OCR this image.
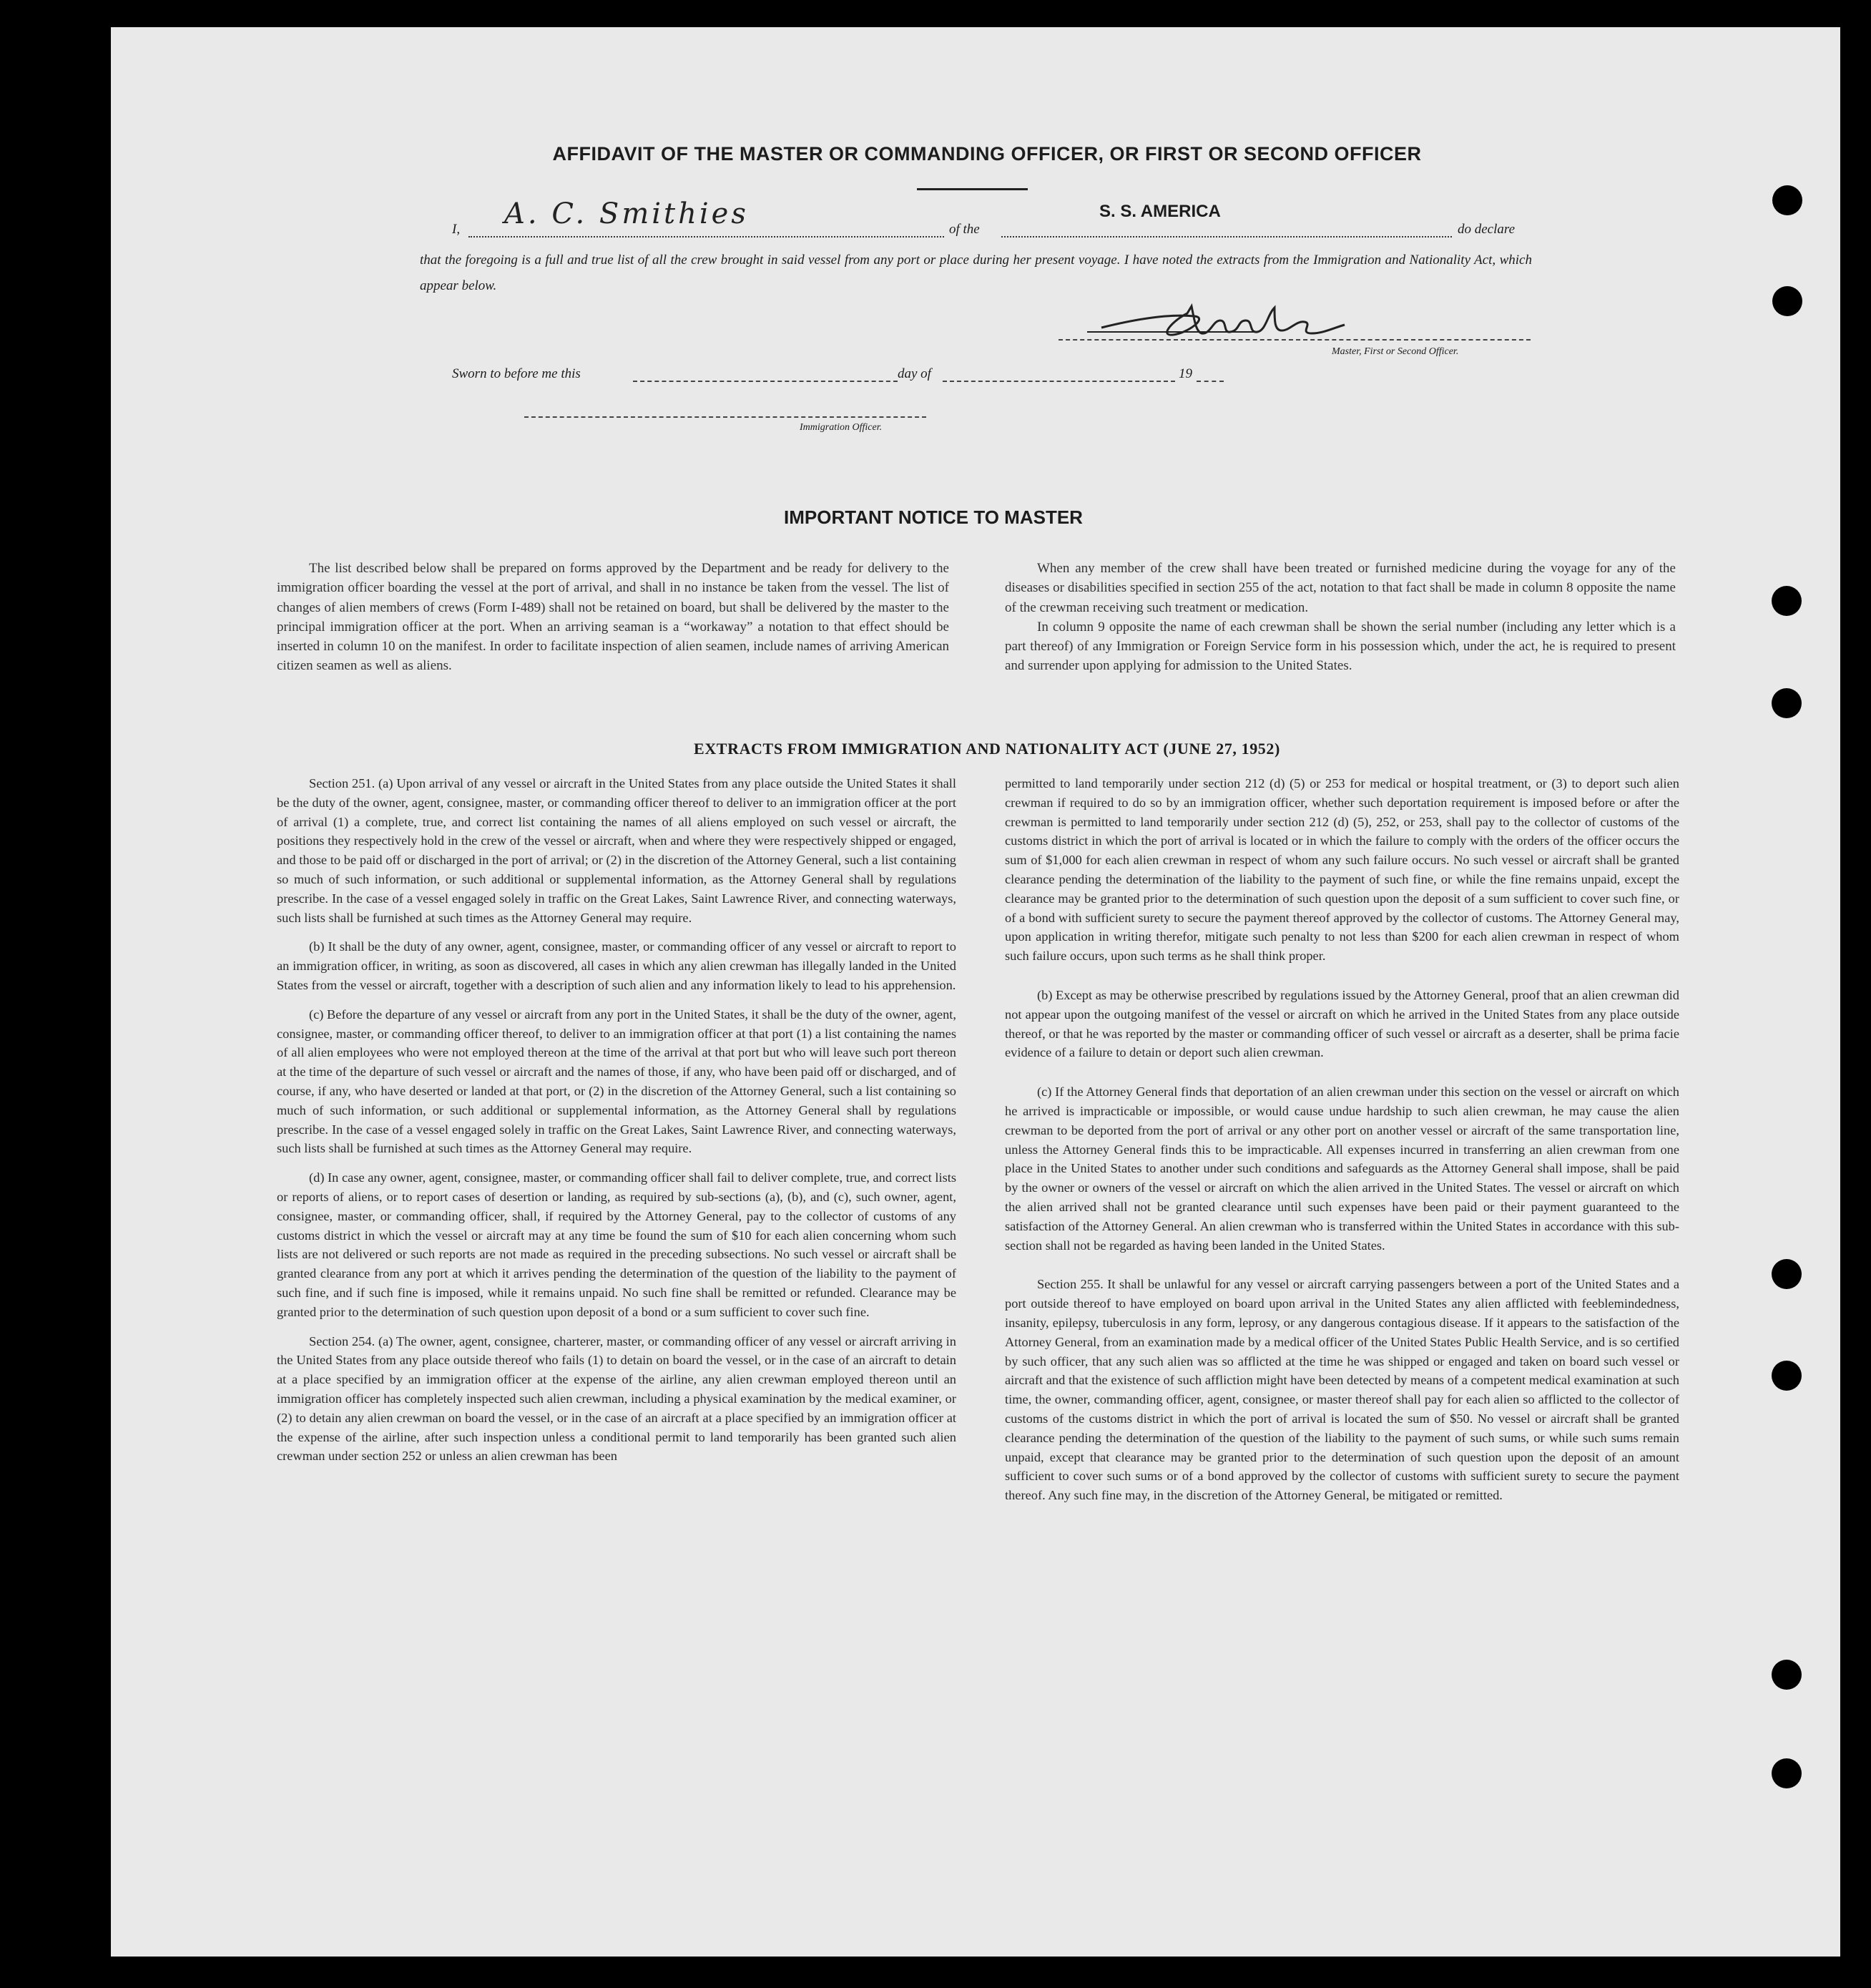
AFFIDAVIT OF THE MASTER OR COMMANDING OFFICER, OR FIRST OR SECOND OFFICER
I, A. C. Smithies	of the
S. S. AMERICA
do declare
that the foregoing is a full and true list of all the crew brought in said vessel from any port or place during her present voyage. I have noted the extracts from the Immigration and Nationality Act, which appear below.
Master, First or Second Officer.
Sworn to before me this	day of	19
Immigration Officer.
IMPORTANT NOTICE TO MASTER

The list described below shall be prepared on forms approved by the Department and be ready for delivery to the immigration officer boarding the vessel at the port of arrival, and shall in no instance be taken from the vessel. The list of changes of alien members of crews (Form I-489) shall not be retained on board, but shall be delivered by the master to the principal immigration officer at the port. When an arriving seaman is a “workaway” a notation to that effect should be inserted in column 10 on the manifest. In order to facilitate inspection of alien seamen, include names of arriving American citizen seamen as well as aliens.

When any member of the crew shall have been treated or furnished medicine during the voyage for any of the diseases or disabilities specified in section 255 of the act, notation to that fact shall be made in column 8 opposite the name of the crewman receiving such treatment or medication.

In column 9 opposite the name of each crewman shall be shown the serial number (including any letter which is a part thereof) of any Immigration or Foreign Service form in his possession which, under the act, he is required to present and surrender upon applying for admission to the United States.

EXTRACTS FROM IMMIGRATION AND NATIONALITY ACT (JUNE 27, 1952)

Section 251. (a) Upon arrival of any vessel or aircraft in the United States from any place outside the United States it shall be the duty of the owner, agent, consignee, master, or commanding officer thereof to deliver to an immigration officer at the port of arrival (1) a complete, true, and correct list containing the names of all aliens employed on such vessel or aircraft, the positions they respectively hold in the crew of the vessel or aircraft, when and where they were respectively shipped or engaged, and those to be paid off or discharged in the port of arrival; or (2) in the discretion of the Attorney General, such a list containing so much of such information, or such additional or supplemental information, as the Attorney General shall by regulations prescribe. In the case of a vessel engaged solely in traffic on the Great Lakes, Saint Lawrence River, and connecting waterways, such lists shall be furnished at such times as the Attorney General may require.

(b) It shall be the duty of any owner, agent, consignee, master, or commanding officer of any vessel or aircraft to report to an immigration officer, in writing, as soon as discovered, all cases in which any alien crewman has illegally landed in the United States from the vessel or aircraft, together with a description of such alien and any information likely to lead to his apprehension.

(c) Before the departure of any vessel or aircraft from any port in the United States, it shall be the duty of the owner, agent, consignee, master, or commanding officer thereof, to deliver to an immigration officer at that port (1) a list containing the names of all alien employees who were not employed thereon at the time of the arrival at that port but who will leave such port thereon at the time of the departure of such vessel or aircraft and the names of those, if any, who have been paid off or discharged, and of course, if any, who have deserted or landed at that port, or (2) in the discretion of the Attorney General, such a list containing so much of such information, or such additional or supplemental information, as the Attorney General shall by regulations prescribe. In the case of a vessel engaged solely in traffic on the Great Lakes, Saint Lawrence River, and connecting waterways, such lists shall be furnished at such times as the Attorney General may require.

(d) In case any owner, agent, consignee, master, or commanding officer shall fail to deliver complete, true, and correct lists or reports of aliens, or to report cases of desertion or landing, as required by sub-sections (a), (b), and (c), such owner, agent, consignee, master, or commanding officer, shall, if required by the Attorney General, pay to the collector of customs of any customs district in which the vessel or aircraft may at any time be found the sum of $10 for each alien concerning whom such lists are not delivered or such reports are not made as required in the preceding subsections. No such vessel or aircraft shall be granted clearance from any port at which it arrives pending the determination of the question of the liability to the payment of such fine, and if such fine is imposed, while it remains unpaid. No such fine shall be remitted or refunded. Clearance may be granted prior to the determination of such question upon deposit of a bond or a sum sufficient to cover such fine.

Section 254. (a) The owner, agent, consignee, charterer, master, or commanding officer of any vessel or aircraft arriving in the United States from any place outside thereof who fails (1) to detain on board the vessel, or in the case of an aircraft to detain at a place specified by an immigration officer at the expense of the airline, any alien crewman employed thereon until an immigration officer has completely inspected such alien crewman, including a physical examination by the medical examiner, or (2) to detain any alien crewman on board the vessel, or in the case of an aircraft at a place specified by an immigration officer at the expense of the airline, after such inspection unless a conditional permit to land temporarily has been granted such alien crewman under section 252 or unless an alien crewman has been

permitted to land temporarily under section 212 (d) (5) or 253 for medical or hospital treatment, or (3) to deport such alien crewman if required to do so by an immigration officer, whether such deportation requirement is imposed before or after the crewman is permitted to land temporarily under section 212 (d) (5), 252, or 253, shall pay to the collector of customs of the customs district in which the port of arrival is located or in which the failure to comply with the orders of the officer occurs the sum of $1,000 for each alien crewman in respect of whom any such failure occurs. No such vessel or aircraft shall be granted clearance pending the determination of the liability to the payment of such fine, or while the fine remains unpaid, except the clearance may be granted prior to the determination of such question upon the deposit of a sum sufficient to cover such fine, or of a bond with sufficient surety to secure the payment thereof approved by the collector of customs. The Attorney General may, upon application in writing therefor, mitigate such penalty to not less than $200 for each alien crewman in respect of whom such failure occurs, upon such terms as he shall think proper.

(b) Except as may be otherwise prescribed by regulations issued by the Attorney General, proof that an alien crewman did not appear upon the outgoing manifest of the vessel or aircraft on which he arrived in the United States from any place outside thereof, or that he was reported by the master or commanding officer of such vessel or aircraft as a deserter, shall be prima facie evidence of a failure to detain or deport such alien crewman.

(c) If the Attorney General finds that deportation of an alien crewman under this section on the vessel or aircraft on which he arrived is impracticable or impossible, or would cause undue hardship to such alien crewman, he may cause the alien crewman to be deported from the port of arrival or any other port on another vessel or aircraft of the same transportation line, unless the Attorney General finds this to be impracticable. All expenses incurred in transferring an alien crewman from one place in the United States to another under such conditions and safeguards as the Attorney General shall impose, shall be paid by the owner or owners of the vessel or aircraft on which the alien arrived in the United States. The vessel or aircraft on which the alien arrived shall not be granted clearance until such expenses have been paid or their payment guaranteed to the satisfaction of the Attorney General. An alien crewman who is transferred within the United States in accordance with this sub-section shall not be regarded as having been landed in the United States.

Section 255. It shall be unlawful for any vessel or aircraft carrying passengers between a port of the United States and a port outside thereof to have employed on board upon arrival in the United States any alien afflicted with feeblemindedness, insanity, epilepsy, tuberculosis in any form, leprosy, or any dangerous contagious disease. If it appears to the satisfaction of the Attorney General, from an examination made by a medical officer of the United States Public Health Service, and is so certified by such officer, that any such alien was so afflicted at the time he was shipped or engaged and taken on board such vessel or aircraft and that the existence of such affliction might have been detected by means of a competent medical examination at such time, the owner, commanding officer, agent, consignee, or master thereof shall pay for each alien so afflicted to the collector of customs of the customs district in which the port of arrival is located the sum of $50. No vessel or aircraft shall be granted clearance pending the determination of the question of the liability to the payment of such sums, or while such sums remain unpaid, except that clearance may be granted prior to the determination of such question upon the deposit of an amount sufficient to cover such sums or of a bond approved by the collector of customs with sufficient surety to secure the payment thereof. Any such fine may, in the discretion of the Attorney General, be mitigated or remitted.
